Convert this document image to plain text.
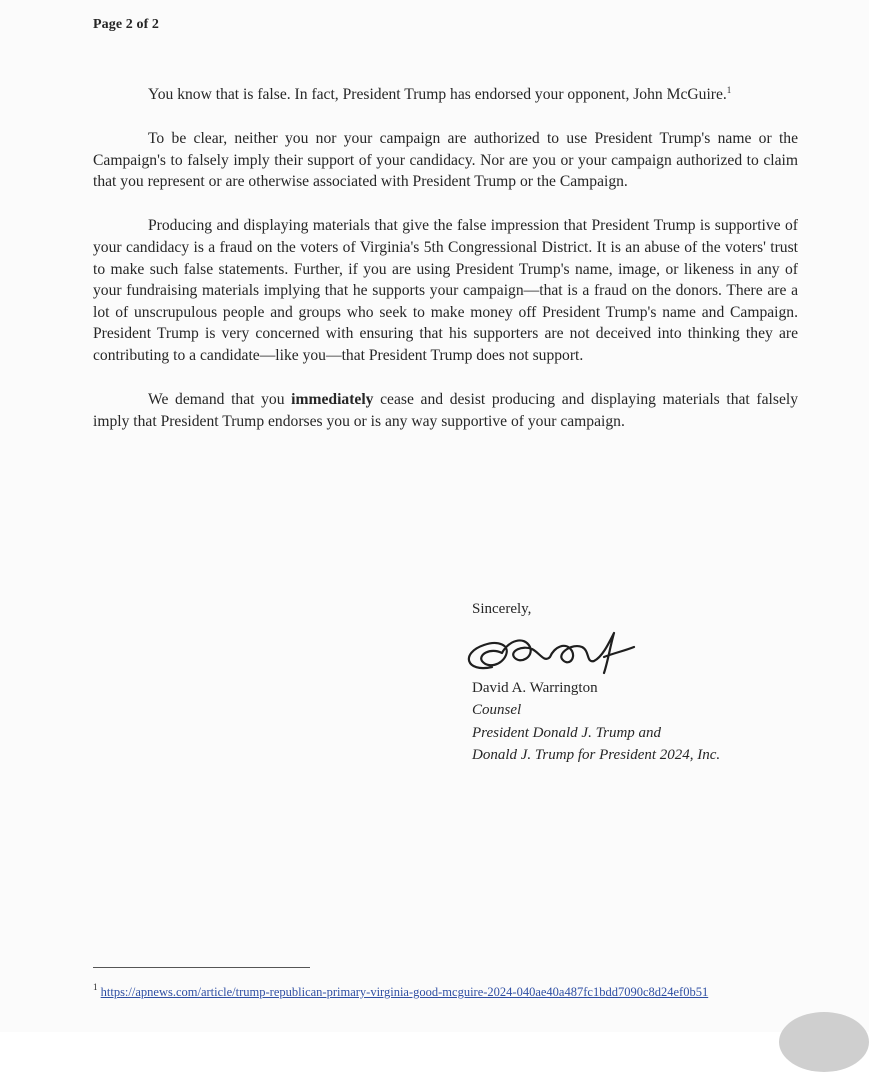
Page 2 of 2

You know that is false. In fact, President Trump has endorsed your opponent, John McGuire.$^1$

To be clear, neither you nor your campaign are authorized to use President Trump's name or the Campaign's to falsely imply their support of your candidacy. Nor are you or your campaign authorized to claim that you represent or are otherwise associated with President Trump or the Campaign.

Producing and displaying materials that give the false impression that President Trump is supportive of your candidacy is a fraud on the voters of Virginia's 5th Congressional District. It is an abuse of the voters' trust to make such false statements. Further, if you are using President Trump's name, image, or likeness in any of your fundraising materials implying that he supports your campaign—that is a fraud on the donors. There are a lot of unscrupulous people and groups who seek to make money off President Trump's name and Campaign. President Trump is very concerned with ensuring that his supporters are not deceived into thinking they are contributing to a candidate—like you—that President Trump does not support.

We demand that you immediately cease and desist producing and displaying materials that falsely imply that President Trump endorses you or is any way supportive of your campaign.

Sincerely,
David A. Warrington
Counsel
President Donald J. Trump and
Donald J. Trump for President 2024, Inc.
$^1$ https://apnews.com/article/trump-republican-primary-virginia-good-mcguire-2024-040ae40a487fc1bdd7090c8d24ef0b51
